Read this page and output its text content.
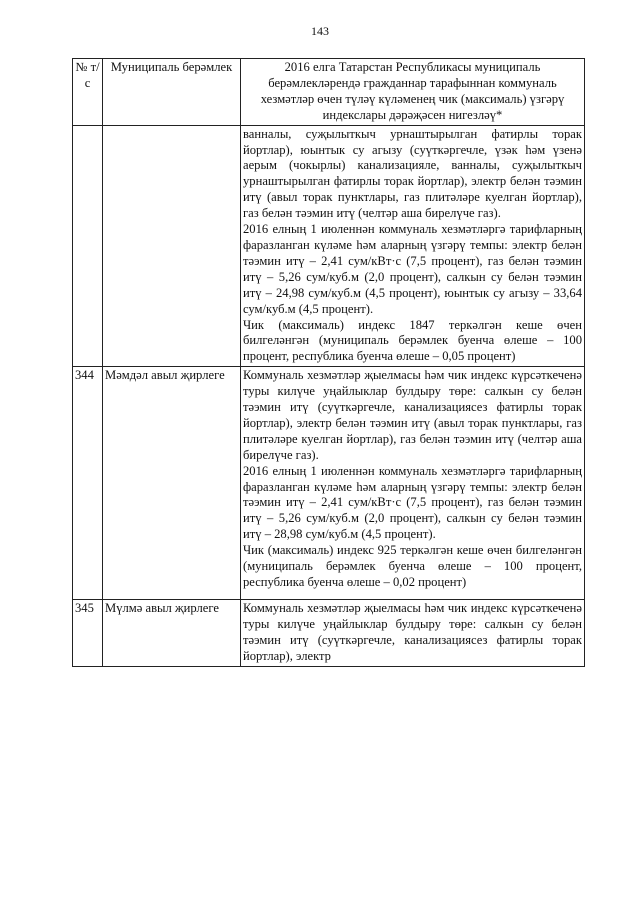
143
№ т/с	Муниципаль берәмлек	2016 елга Татарстан Республикасы муниципаль берәмлекләрендә гражданнар тарафыннан коммуналь хезмәтләр өчен түләү күләменең чик (максималь) үзгәрү индекслары дәрәҗәсен нигезләү*

		ванналы, суҗылыткыч урнаштырылган фатирлы торак йортлар), юынтык су агызу (суүткәргечле, үзәк һәм үзенә аерым (чокырлы) канализацияле, ванналы, суҗылыткыч урнаштырылган фатирлы торак йортлар), электр белән тәэмин итү (авыл торак пунктлары, газ плитәләре куелган йортлар), газ белән тәэмин итү (челтәр аша бирелүче газ).

2016 елның 1 июленнән коммуналь хезмәтләргә тарифларның фаразланган күләме һәм аларның үзгәрү темпы: электр белән тәэмин итү – 2,41 сум/кВт·с (7,5 процент), газ белән тәэмин итү – 5,26 сум/куб.м (2,0 процент), салкын су белән тәэмин итү – 24,98 сум/куб.м (4,5 процент), юынтык су агызу – 33,64 сум/куб.м (4,5 процент).

Чик (максималь) индекс 1847 теркәлгән кеше өчен билгеләнгән (муниципаль берәмлек буенча өлеше – 100 процент, республика буенча өлеше – 0,05 процент)

344	Мәмдәл авыл җирлеге	Коммуналь хезмәтләр җыелмасы һәм чик индекс күрсәткеченә туры килүче уңайлыклар булдыру төре: салкын су белән тәэмин итү (суүткәргечле, канализациясез фатирлы торак йортлар), электр белән тәэмин итү (авыл торак пунктлары, газ плитәләре куелган йортлар), газ белән тәэмин итү (челтәр аша бирелүче газ).

2016 елның 1 июленнән коммуналь хезмәтләргә тарифларның фаразланган күләме һәм аларның үзгәрү темпы: электр белән тәэмин итү – 2,41 сум/кВт·с (7,5 процент), газ белән тәэмин итү – 5,26 сум/куб.м (2,0 процент), салкын су белән тәэмин итү – 28,98 сум/куб.м (4,5 процент).

Чик (максималь) индекс 925 теркәлгән кеше өчен билгеләнгән (муниципаль берәмлек буенча өлеше – 100 процент, республика буенча өлеше – 0,02 процент)

345	Мүлмә авыл җирлеге	Коммуналь хезмәтләр җыелмасы һәм чик индекс күрсәткеченә туры килүче уңайлыклар булдыру төре: салкын су белән тәэмин итү (суүткәргечле, канализациясез фатирлы торак йортлар), электр
